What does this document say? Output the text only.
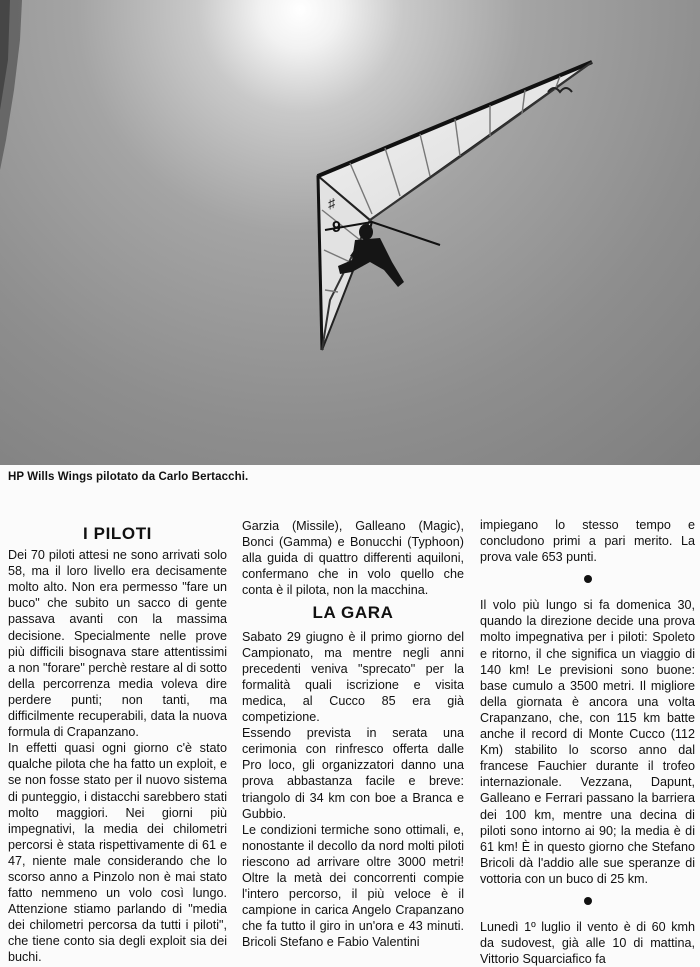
♯
9
HP Wills Wings pilotato da Carlo Bertacchi.
I PILOTI

Dei 70 piloti attesi ne sono arrivati solo 58, ma il loro livello era decisamente molto alto. Non era permesso "fare un buco" che subito un sacco di gente passava avanti con la massima decisione. Specialmente nelle prove più difficili bisognava stare attentissimi a non "forare" perchè restare al di sotto della percorrenza media voleva dire perdere punti; non tanti, ma difficilmente recuperabili, data la nuova formula di Crapanzano.

In effetti quasi ogni giorno c'è stato qualche pilota che ha fatto un exploit, e se non fosse stato per il nuovo sistema di punteggio, i distacchi sarebbero stati molto maggiori. Nei giorni più impegnativi, la media dei chilometri percorsi è stata rispettivamente di 61 e 47, niente male considerando che lo scorso anno a Pinzolo non è mai stato fatto nemmeno un volo così lungo. Attenzione stiamo parlando di "media dei chilometri percorsa da tutti i piloti", che tiene conto sia degli exploit sia dei buchi.

Garzia (Missile), Galleano (Magic), Bonci (Gamma) e Bonucchi (Typhoon) alla guida di quattro differenti aquiloni, confermano che in volo quello che conta è il pilota, non la macchina.

LA GARA

Sabato 29 giugno è il primo giorno del Campionato, ma mentre negli anni precedenti veniva "sprecato" per la formalità quali iscrizione e visita medica, al Cucco 85 era già competizione.

Essendo prevista in serata una cerimonia con rinfresco offerta dalle Pro loco, gli organizzatori danno una prova abbastanza facile e breve: triangolo di 34 km con boe a Branca e Gubbio.

Le condizioni termiche sono ottimali, e, nonostante il decollo da nord molti piloti riescono ad arrivare oltre 3000 metri! Oltre la metà dei concorrenti compie l'intero percorso, il più veloce è il campione in carica Angelo Crapanzano che fa tutto il giro in un'ora e 43 minuti. Bricoli Stefano e Fabio Valentini

impiegano lo stesso tempo e concludono primi a pari merito. La prova vale 653 punti.

Il volo più lungo si fa domenica 30, quando la direzione decide una prova molto impegnativa per i piloti: Spoleto e ritorno, il che significa un viaggio di 140 km! Le previsioni sono buone: base cumulo a 3500 metri. Il migliore della giornata è ancora una volta Crapanzano, che, con 115 km batte anche il record di Monte Cucco (112 Km) stabilito lo scorso anno dal francese Fauchier durante il trofeo internazionale. Vezzana, Dapunt, Galleano e Ferrari passano la barriera dei 100 km, mentre una decina di piloti sono intorno ai 90; la media è di 61 km! È in questo giorno che Stefano Bricoli dà l'addio alle sue speranze di vottoria con un buco di 25 km.

Lunedì 1º luglio il vento è di 60 kmh da sudovest, già alle 10 di mattina, Vittorio Squarciafico fa
